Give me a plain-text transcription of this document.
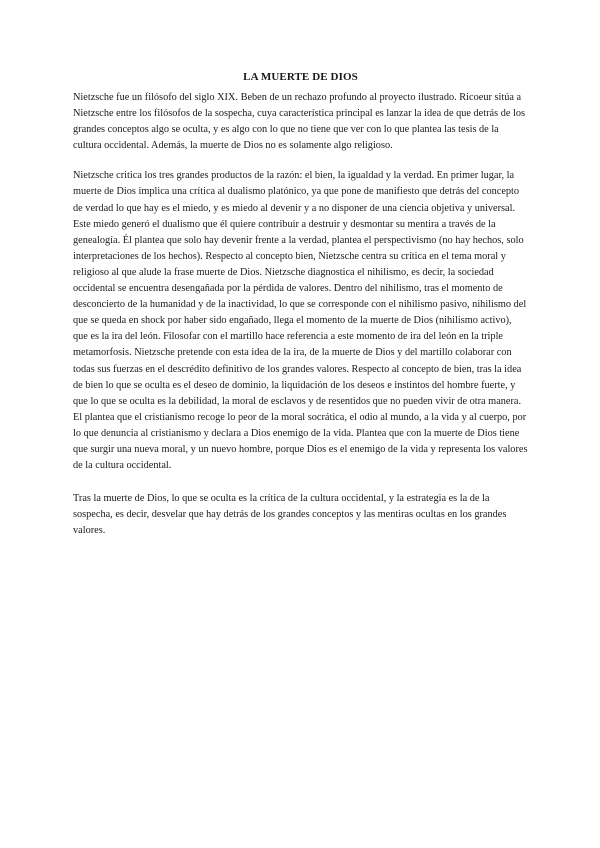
LA MUERTE DE DIOS

Nietzsche fue un filósofo del siglo XIX. Beben de un rechazo profundo al proyecto ilustrado. Ricoeur sitúa a Nietzsche entre los filósofos de la sospecha, cuya característica principal es lanzar la idea de que detrás de los grandes conceptos algo se oculta, y es algo con lo que no tiene que ver con lo que plantea las tesis de la cultura occidental. Además, la muerte de Dios no es solamente algo religioso.

Nietzsche critica los tres grandes productos de la razón: el bien, la igualdad y la verdad. En primer lugar, la muerte de Dios implica una crítica al dualismo platónico, ya que pone de manifiesto que detrás del concepto de verdad lo que hay es el miedo, y es miedo al devenir y a no disponer de una ciencia objetiva y universal. Este miedo generó el dualismo que él quiere contribuir a destruir y desmontar su mentira a través de la genealogía. Él plantea que solo hay devenir frente a la verdad, plantea el perspectivismo (no hay hechos, solo interpretaciones de los hechos). Respecto al concepto bien, Nietzsche centra su crítica en el tema moral y religioso al que alude la frase muerte de Dios. Nietzsche diagnostica el nihilismo, es decir, la sociedad occidental se encuentra desengañada por la pérdida de valores. Dentro del nihilismo, tras el momento de desconcierto de la humanidad y de la inactividad, lo que se corresponde con el nihilismo pasivo, nihilismo del que se queda en shock por haber sido engañado, llega el momento de la muerte de Dios (nihilismo activo), que es la ira del león. Filosofar con el martillo hace referencia a este momento de ira del león en la triple metamorfosis. Nietzsche pretende con esta idea de la ira, de la muerte de Dios y del martillo colaborar con todas sus fuerzas en el descrédito definitivo de los grandes valores. Respecto al concepto de bien, tras la idea de bien lo que se oculta es el deseo de dominio, la liquidación de los deseos e instintos del hombre fuerte, y que lo que se oculta es la debilidad, la moral de esclavos y de resentidos que no pueden vivir de otra manera. El plantea que el cristianismo recoge lo peor de la moral socrática, el odio al mundo, a la vida y al cuerpo, por lo que denuncia al cristianismo y declara a Dios enemigo de la vida. Plantea que con la muerte de Dios tiene que surgir una nueva moral, y un nuevo hombre, porque Dios es el enemigo de la vida y representa los valores de la cultura occidental.

Tras la muerte de Dios, lo que se oculta es la crítica de la cultura occidental, y la estrategia es la de la sospecha, es decir, desvelar que hay detrás de los grandes conceptos y las mentiras ocultas en los grandes valores.
